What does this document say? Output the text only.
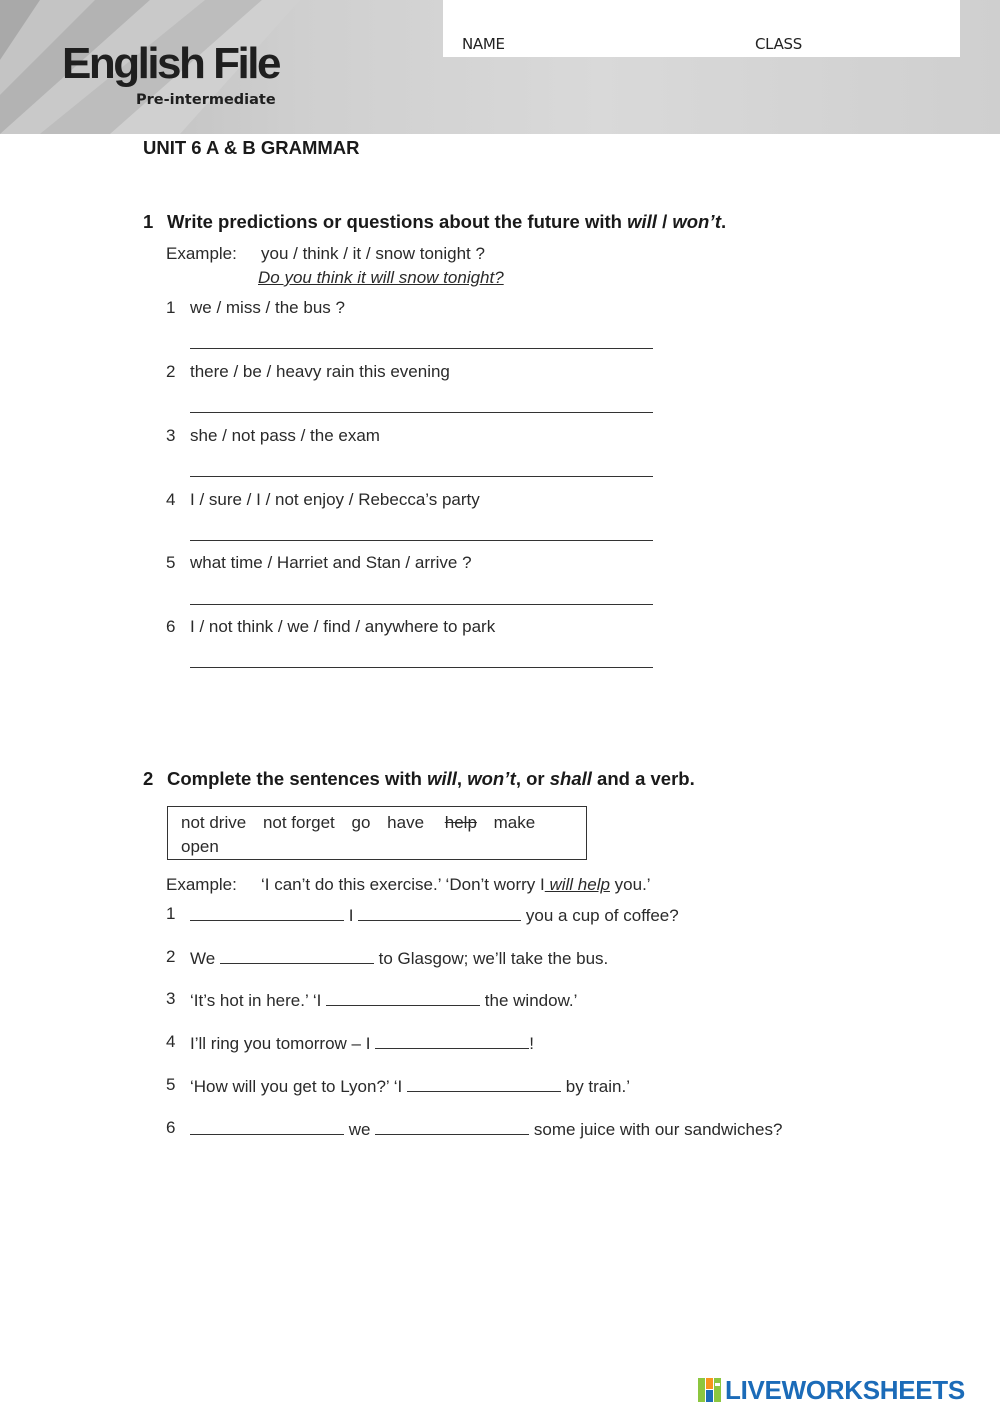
English File
Pre-intermediate
NAME	CLASS
UNIT 6 A & B GRAMMAR
1 Write predictions or questions about the future with will / won’t.
Example: you / think / it / snow tonight ?
Do you think it will snow tonight?
1 we / miss / the bus ?
2 there / be / heavy rain this evening
3 she / not pass / the exam
4 I / sure / I / not enjoy / Rebecca’s party
5 what time / Harriet and Stan / arrive ?
6 I / not think / we / find / anywhere to park
2 Complete the sentences with will, won’t, or shall and a verb.
not drive not forget go have help make
open
Example: ‘I can’t do this exercise.’ ‘Don’t worry I will help you.’
1	I	you a cup of coffee?
2 We	to Glasgow; we’ll take the bus.
3 ‘It’s hot in here.’ ‘I	the window.’
4 I’ll ring you tomorrow – I	!
5 ‘How will you get to Lyon?’ ‘I	by train.’
6	we	some juice with our sandwiches?
LIVEWORKSHEETS
